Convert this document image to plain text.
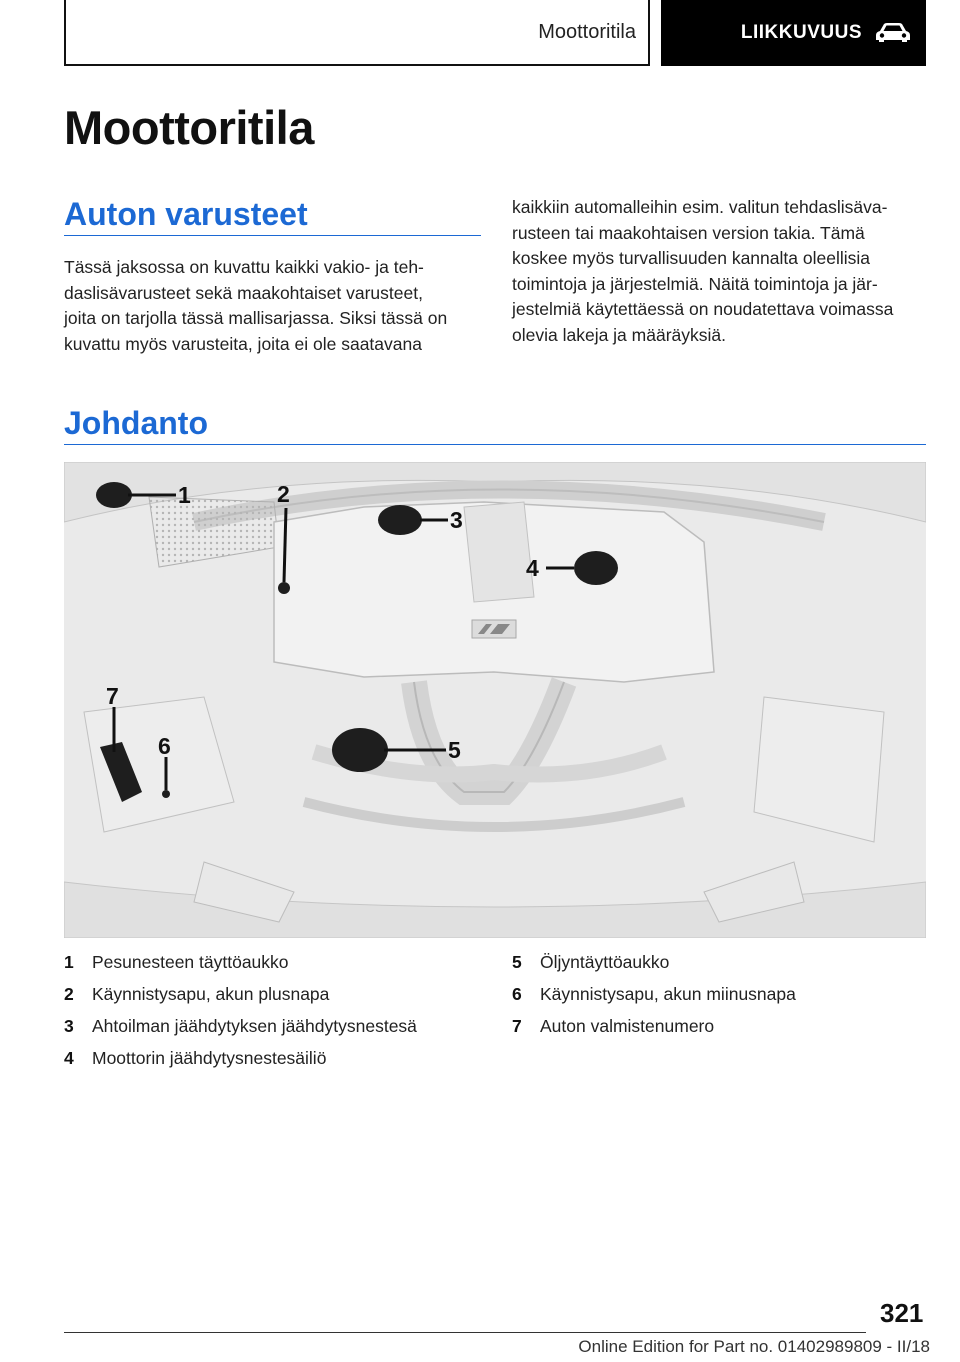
Moottoritila	LIIKKUVUUS
Moottoritila
Auton varusteet

Tässä jaksossa on kuvattu kaikki vakio- ja teh-
daslisävarusteet sekä maakohtaiset varusteet,
joita on tarjolla tässä mallisarjassa. Siksi tässä on
kuvattu myös varusteita, joita ei ole saatavana

kaikkiin automalleihin esim. valitun tehdaslisäva-
rusteen tai maakohtaisen version takia. Tämä
koskee myös turvallisuuden kannalta oleellisia
toimintoja ja järjestelmiä. Näitä toimintoja ja jär-
jestelmiä käytettäessä on noudatettava voimassa
olevia lakeja ja määräyksiä.

Johdanto
1	2
3
4
5
6
7
1	Pesunesteen täyttöaukko
2	Käynnistysapu, akun plusnapa
3	Ahtoilman jäähdytyksen jäähdytysnestesä
4	Moottorin jäähdytysnestesäiliö
5	Öljyntäyttöaukko
6	Käynnistysapu, akun miinusnapa
7	Auton valmistenumero
321
Online Edition for Part no. 01402989809 - II/18
